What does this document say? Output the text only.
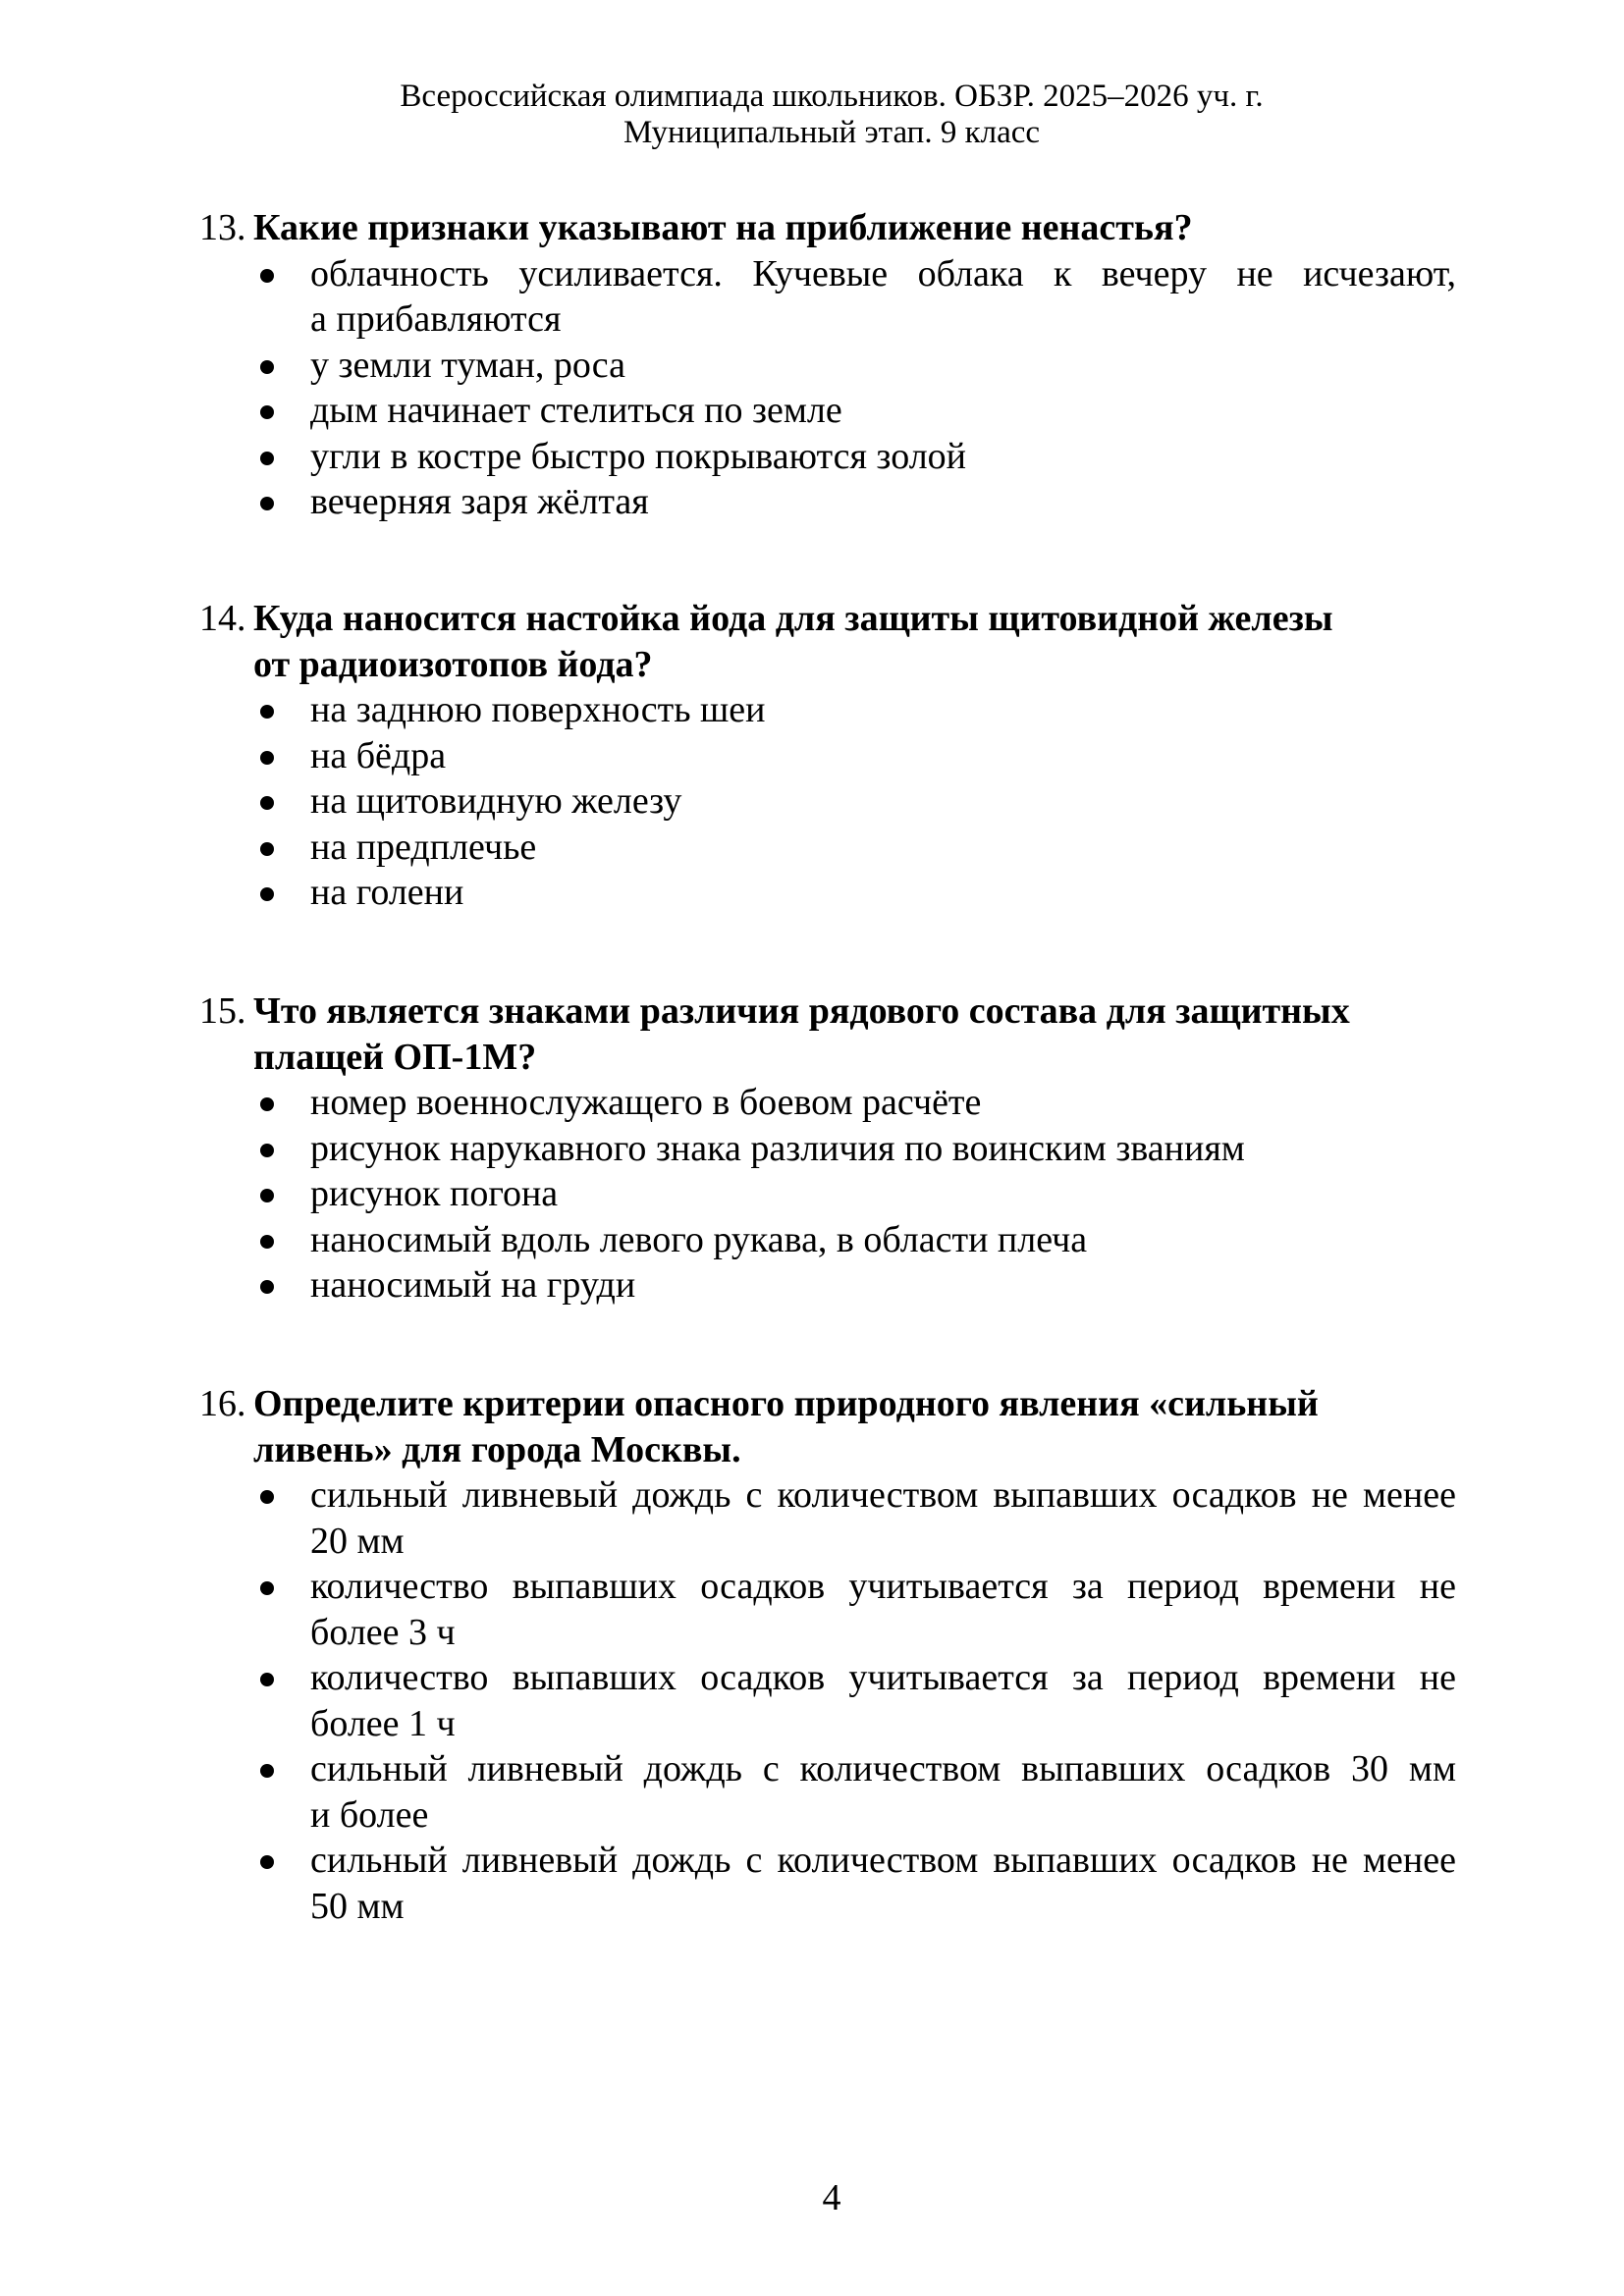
Всероссийская олимпиада школьников. ОБЗР. 2025–2026 уч. г.
Муниципальный этап. 9 класс
13. Какие признаки указывают на приближение ненастья?
облачность усиливается. Кучевые облака к вечеру не исчезают,
а прибавляются
у земли туман, роса
дым начинает стелиться по земле
угли в костре быстро покрываются золой
вечерняя заря жёлтая
14. Куда наносится настойка йода для защиты щитовидной железы
от радиоизотопов йода?
на заднюю поверхность шеи
на бёдра
на щитовидную железу
на предплечье
на голени
15. Что является знаками различия рядового состава для защитных
плащей ОП-1М?
номер военнослужащего в боевом расчёте
рисунок нарукавного знака различия по воинским званиям
рисунок погона
наносимый вдоль левого рукава, в области плеча
наносимый на груди
16. Определите критерии опасного природного явления «сильный
ливень» для города Москвы.
сильный ливневый дождь с количеством выпавших осадков не менее
20 мм
количество выпавших осадков учитывается за период времени не
более 3 ч
количество выпавших осадков учитывается за период времени не
более 1 ч
сильный ливневый дождь с количеством выпавших осадков 30 мм
и более
сильный ливневый дождь с количеством выпавших осадков не менее
50 мм
4
